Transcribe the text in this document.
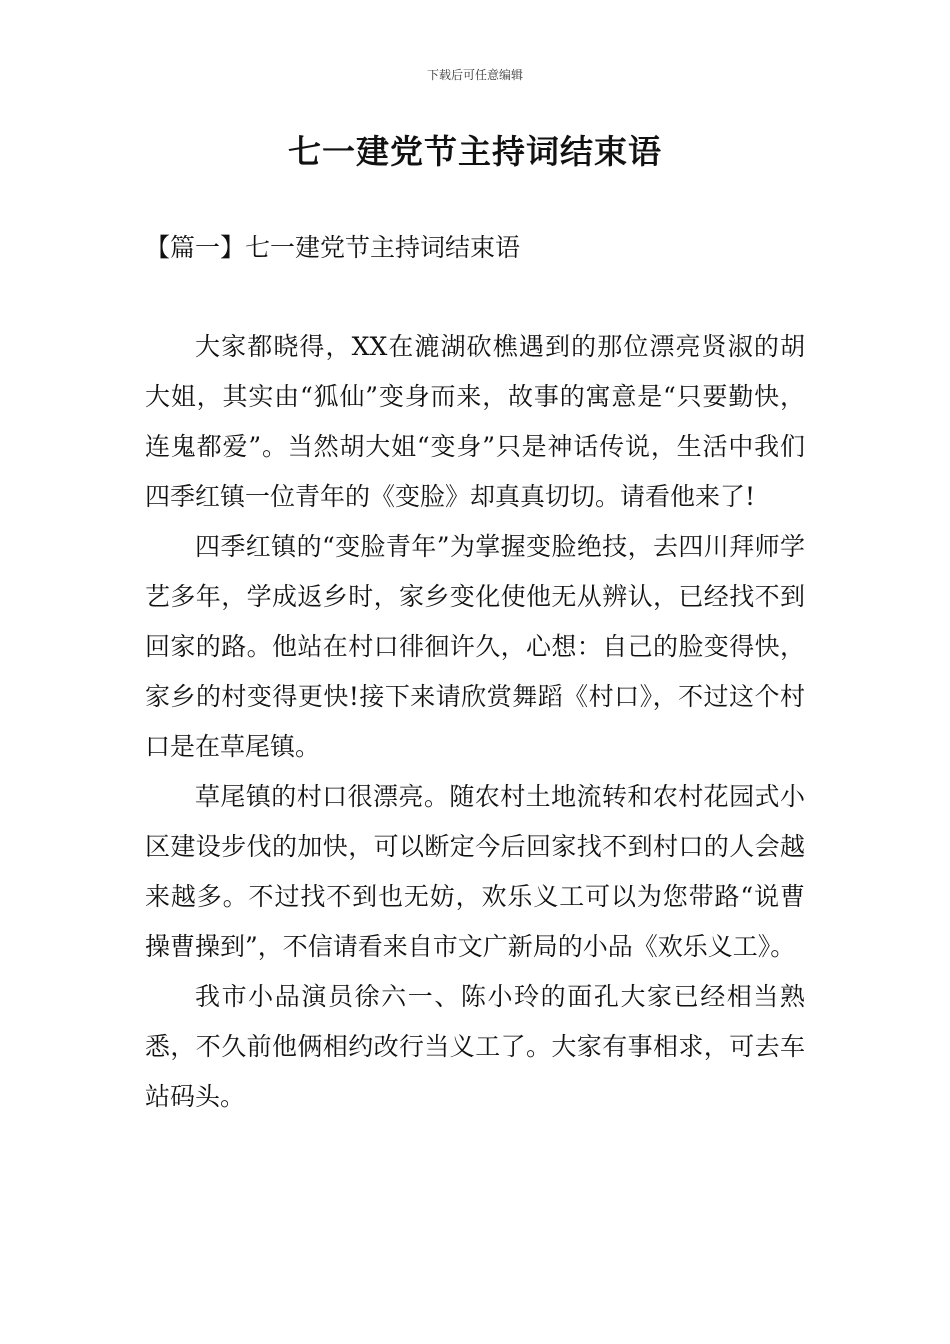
下载后可任意编辑
七一建党节主持词结束语
【篇一】七一建党节主持词结束语

大家都晓得，XX在漉湖砍樵遇到的那位漂亮贤淑的胡大姐，其实由“狐仙”变身而来，故事的寓意是“只要勤快，连鬼都爱”。当然胡大姐“变身”只是神话传说，生活中我们四季红镇一位青年的《变脸》却真真切切。请看他来了!

四季红镇的“变脸青年”为掌握变脸绝技，去四川拜师学艺多年，学成返乡时，家乡变化使他无从辨认，已经找不到回家的路。他站在村口徘徊许久，心想：自己的脸变得快，家乡的村变得更快!接下来请欣赏舞蹈《村口》，不过这个村口是在草尾镇。

草尾镇的村口很漂亮。随农村土地流转和农村花园式小区建设步伐的加快，可以断定今后回家找不到村口的人会越来越多。不过找不到也无妨，欢乐义工可以为您带路“说曹操曹操到”，不信请看来自市文广新局的小品《欢乐义工》。

我市小品演员徐六一、陈小玲的面孔大家已经相当熟悉，不久前他俩相约改行当义工了。大家有事相求，可去车站码头。
